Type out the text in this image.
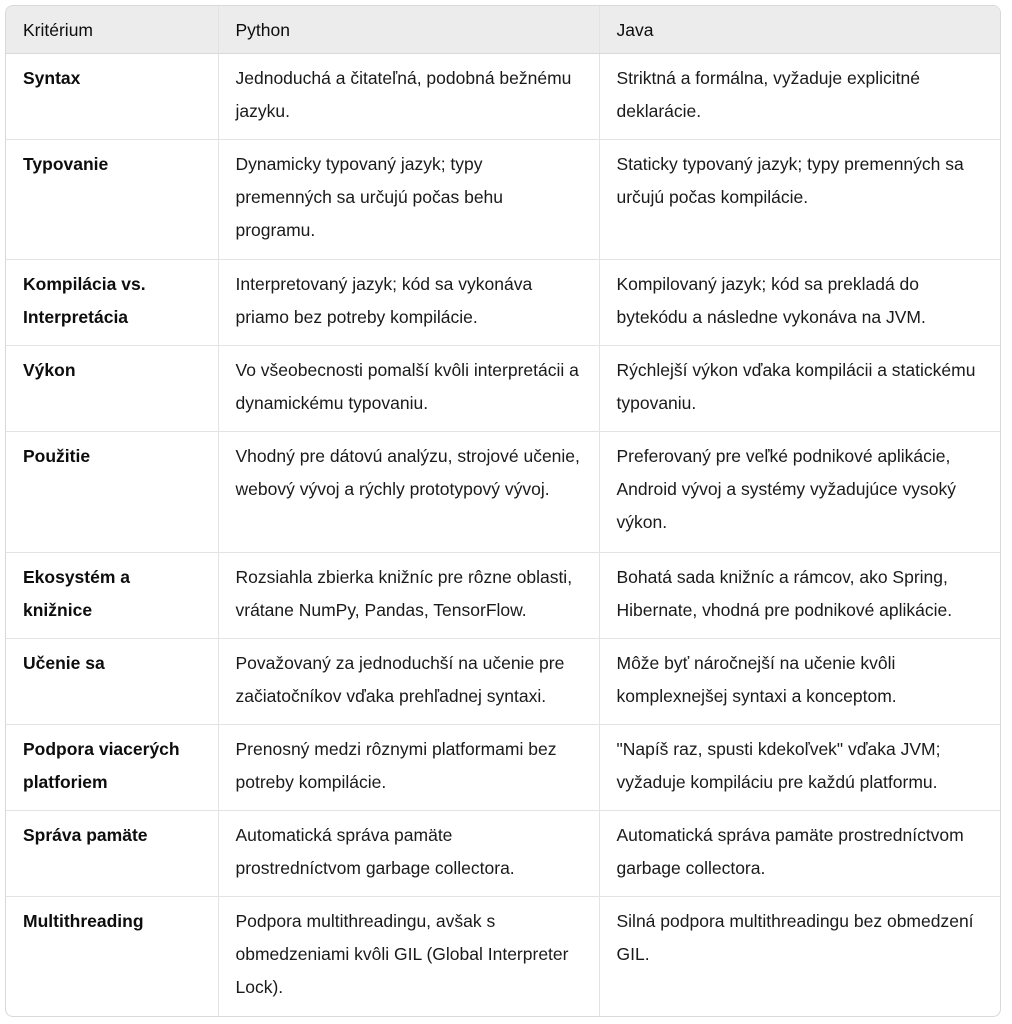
Kritérium	Python	Java
Syntax	Jednoduchá a čitateľná, podobná bežnému jazyku.	Striktná a formálna, vyžaduje explicitné deklarácie.
Typovanie	Dynamicky typovaný jazyk; typy premenných sa určujú počas behu programu.	Staticky typovaný jazyk; typy premenných sa určujú počas kompilácie.
Kompilácia vs. Interpretácia	Interpretovaný jazyk; kód sa vykonáva priamo bez potreby kompilácie.	Kompilovaný jazyk; kód sa prekladá do bytekódu a následne vykonáva na JVM.
Výkon	Vo všeobecnosti pomalší kvôli interpretácii a dynamickému typovaniu.	Rýchlejší výkon vďaka kompilácii a statickému typovaniu.
Použitie	Vhodný pre dátovú analýzu, strojové učenie, webový vývoj a rýchly prototypový vývoj.	Preferovaný pre veľké podnikové aplikácie, Android vývoj a systémy vyžadujúce vysoký výkon.
Ekosystém a knižnice	Rozsiahla zbierka knižníc pre rôzne oblasti, vrátane NumPy, Pandas, TensorFlow.	Bohatá sada knižníc a rámcov, ako Spring, Hibernate, vhodná pre podnikové aplikácie.
Učenie sa	Považovaný za jednoduchší na učenie pre začiatočníkov vďaka prehľadnej syntaxi.	Môže byť náročnejší na učenie kvôli komplexnejšej syntaxi a konceptom.
Podpora viacerých platforiem	Prenosný medzi rôznymi platformami bez potreby kompilácie.	"Napíš raz, spusti kdekoľvek" vďaka JVM; vyžaduje kompiláciu pre každú platformu.
Správa pamäte	Automatická správa pamäte prostredníctvom garbage collectora.	Automatická správa pamäte prostredníctvom garbage collectora.
Multithreading	Podpora multithreadingu, avšak s obmedzeniami kvôli GIL (Global Interpreter Lock).	Silná podpora multithreadingu bez obmedzení GIL.
